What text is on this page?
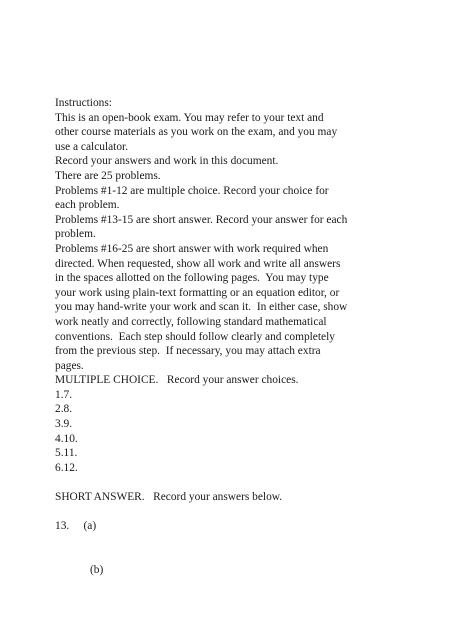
Instructions:
This is an open-book exam. You may refer to your text and
other course materials as you work on the exam, and you may
use a calculator.
Record your answers and work in this document.
There are 25 problems.
Problems #1-12 are multiple choice. Record your choice for
each problem.
Problems #13-15 are short answer. Record your answer for each
problem.
Problems #16-25 are short answer with work required when
directed. When requested, show all work and write all answers
in the spaces allotted on the following pages.  You may type
your work using plain-text formatting or an equation editor, or
you may hand-write your work and scan it.  In either case, show
work neatly and correctly, following standard mathematical
conventions.  Each step should follow clearly and completely
from the previous step.  If necessary, you may attach extra
pages.
MULTIPLE CHOICE.   Record your answer choices.
1.7.
2.8.
3.9.
4.10.
5.11.
6.12.
SHORT ANSWER.   Record your answers below.
13.     (a)
(b)
